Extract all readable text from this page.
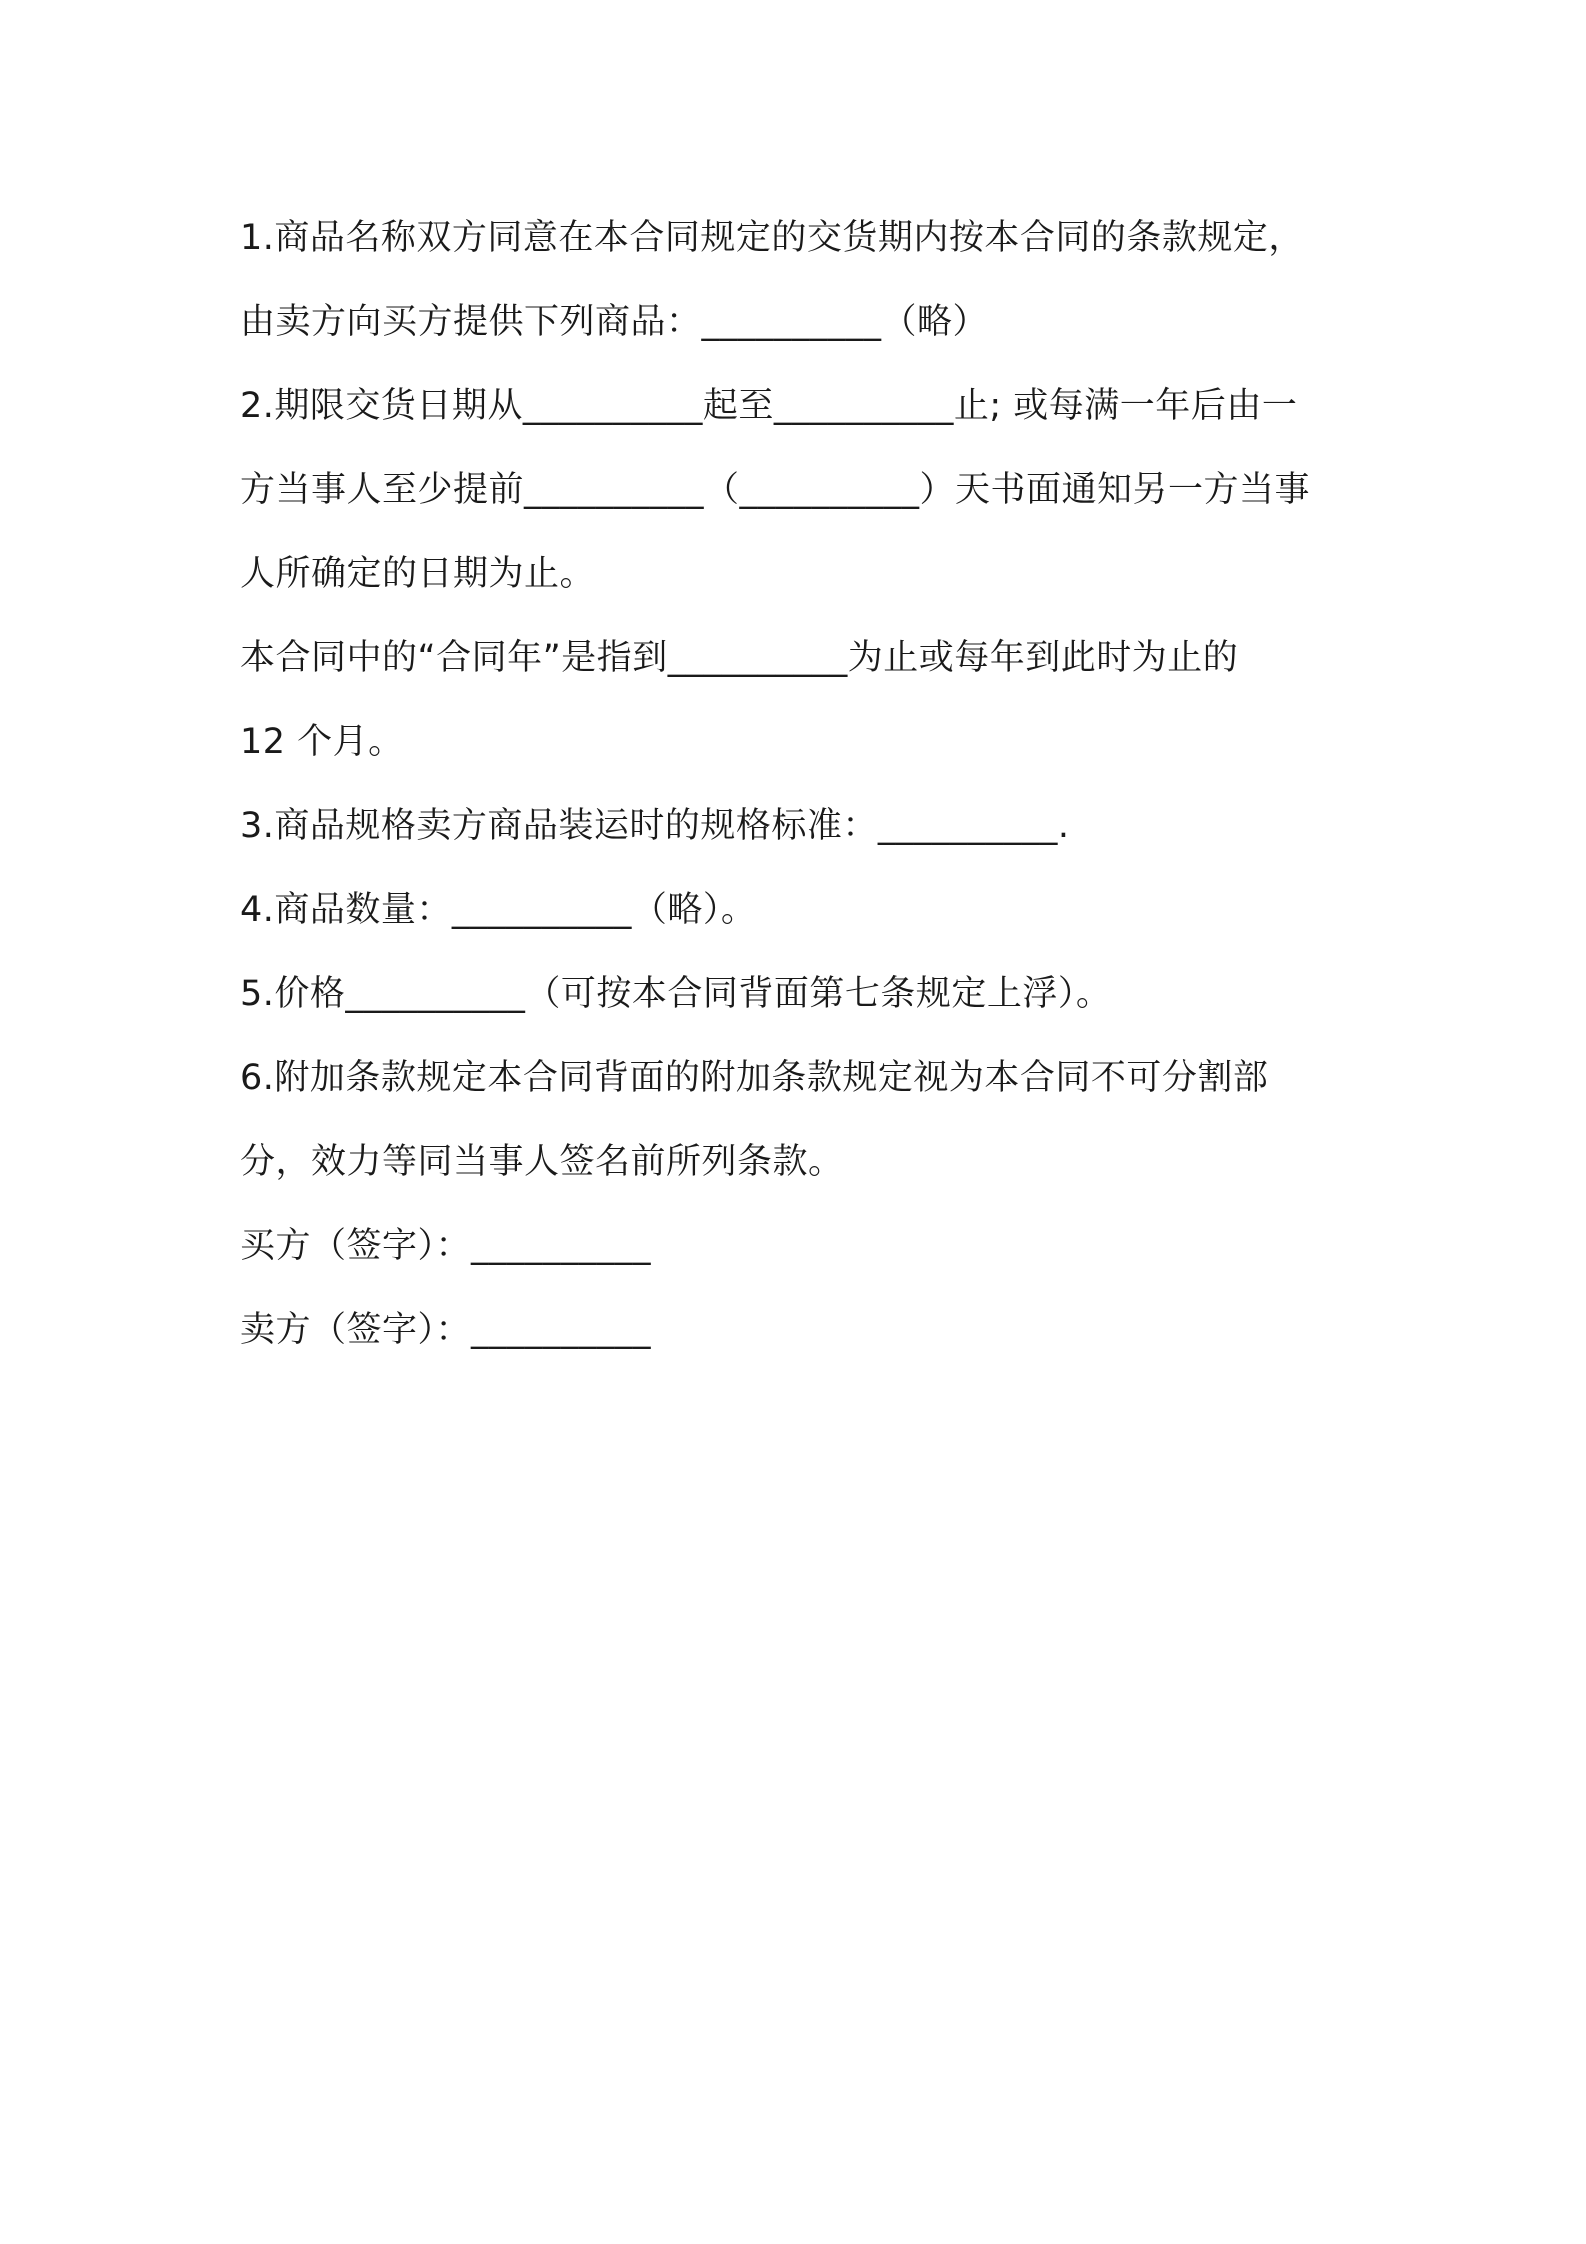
1.商品名称双方同意在本合同规定的交货期内按本合同的条款规定，
由卖方向买方提供下列商品：__________（略）
2.期限交货日期从__________起至__________止; 或每满一年后由一
方当事人至少提前__________（__________）天书面通知另一方当事
人所确定的日期为止。
本合同中的“合同年”是指到__________为止或每年到此时为止的
12 个月。
3.商品规格卖方商品装运时的规格标准：__________.
4.商品数量：__________（略）。
5.价格__________（可按本合同背面第七条规定上浮）。
6.附加条款规定本合同背面的附加条款规定视为本合同不可分割部
分，效力等同当事人签名前所列条款。
买方（签字）：__________
卖方（签字）：__________
